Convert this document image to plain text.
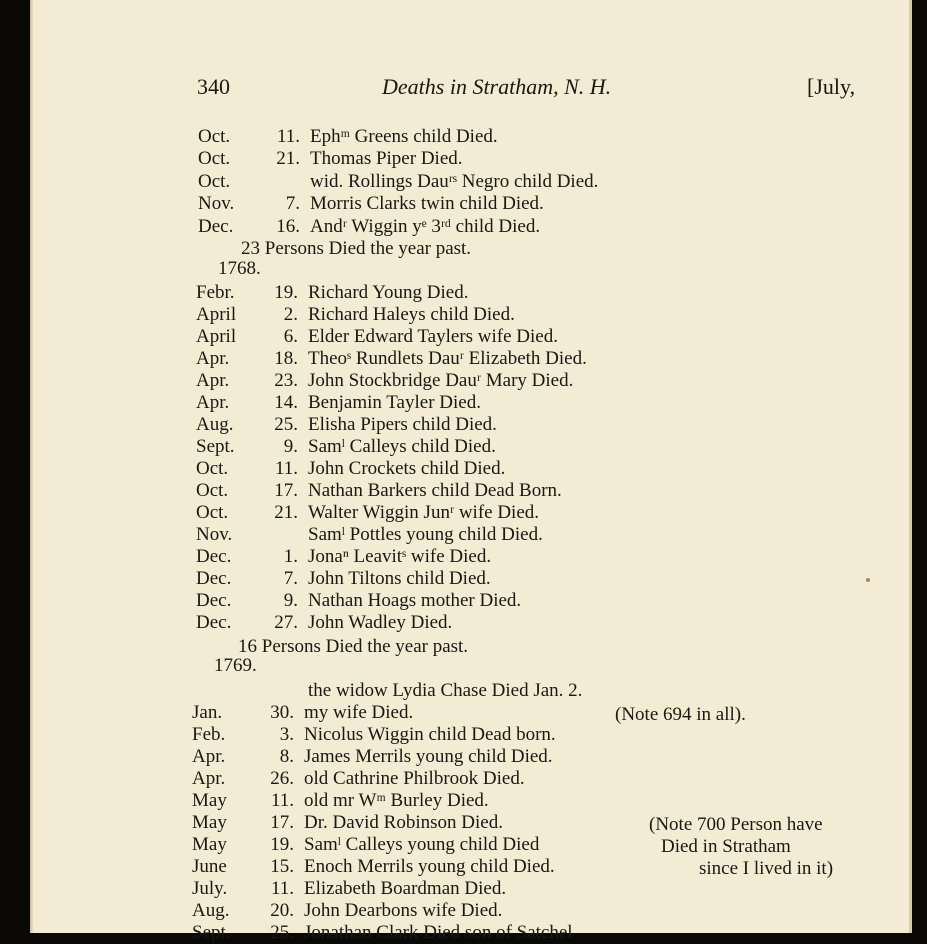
340	Deaths in Stratham, N. H.	[July,
Oct.	11. Ephᵐ Greens child Died.
Oct.	21. Thomas Piper Died.
Oct.	wid. Rollings Dauʳˢ Negro child Died.
Nov.	7. Morris Clarks twin child Died.
Dec.	16. Andʳ Wiggin yᵉ 3ʳᵈ child Died.
23 Persons Died the year past.
1768.
Febr.	19. Richard Young Died.
April	2. Richard Haleys child Died.
April	6. Elder Edward Taylers wife Died.
Apr.	18. Theoˢ Rundlets Dauʳ Elizabeth Died.
Apr.	23. John Stockbridge Dauʳ Mary Died.
Apr.	14. Benjamin Tayler Died.
Aug.	25. Elisha Pipers child Died.
Sept.	9. Samˡ Calleys child Died.
Oct.	11. John Crockets child Died.
Oct.	17. Nathan Barkers child Dead Born.
Oct.	21. Walter Wiggin Junʳ wife Died.
Nov.	Samˡ Pottles young child Died.
Dec.	1. Jonaⁿ Leavitˢ wife Died.
Dec.	7. John Tiltons child Died.
Dec.	9. Nathan Hoags mother Died.
Dec.	27. John Wadley Died.
16 Persons Died the year past.
1769.
the widow Lydia Chase Died Jan. 2.
Jan.	30. my wife Died.
Feb.	3. Nicolus Wiggin child Dead born.
Apr.	8. James Merrils young child Died.
Apr.	26. old Cathrine Philbrook Died.
May	11. old mr Wᵐ Burley Died.
May	17. Dr. David Robinson Died.
May	19. Samˡ Calleys young child Died
June	15. Enoch Merrils young child Died.
July.	11. Elizabeth Boardman Died.
Aug.	20. John Dearbons wife Died.
Sept.	25. Jonathan Clark Died son of Satchel
(Note 694 in all).
(Note 700 Person have
Died in Stratham
since I lived in it)
